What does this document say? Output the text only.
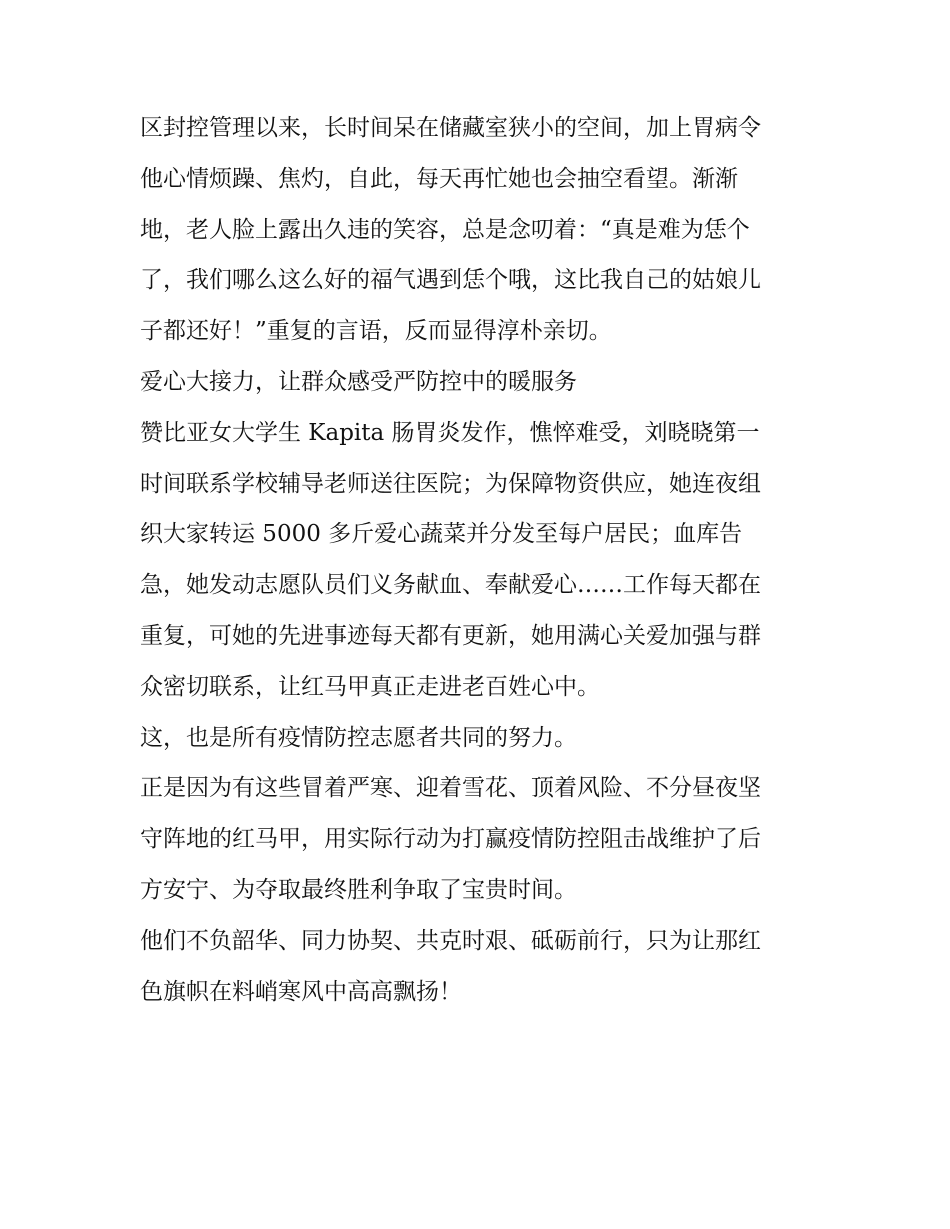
区封控管理以来，长时间呆在储藏室狭小的空间，加上胃病令
他心情烦躁、焦灼，自此，每天再忙她也会抽空看望。渐渐
地，老人脸上露出久违的笑容，总是念叨着：“真是难为恁个
了，我们哪么这么好的福气遇到恁个哦，这比我自己的姑娘儿
子都还好！”重复的言语，反而显得淳朴亲切。
爱心大接力，让群众感受严防控中的暖服务
赞比亚女大学生 Kapita 肠胃炎发作，憔悴难受，刘晓晓第一
时间联系学校辅导老师送往医院；为保障物资供应，她连夜组
织大家转运 5000 多斤爱心蔬菜并分发至每户居民；血库告
急，她发动志愿队员们义务献血、奉献爱心……工作每天都在
重复，可她的先进事迹每天都有更新，她用满心关爱加强与群
众密切联系，让红马甲真正走进老百姓心中。
这，也是所有疫情防控志愿者共同的努力。
正是因为有这些冒着严寒、迎着雪花、顶着风险、不分昼夜坚
守阵地的红马甲，用实际行动为打赢疫情防控阻击战维护了后
方安宁、为夺取最终胜利争取了宝贵时间。
他们不负韶华、同力协契、共克时艰、砥砺前行，只为让那红
色旗帜在料峭寒风中高高飘扬！
